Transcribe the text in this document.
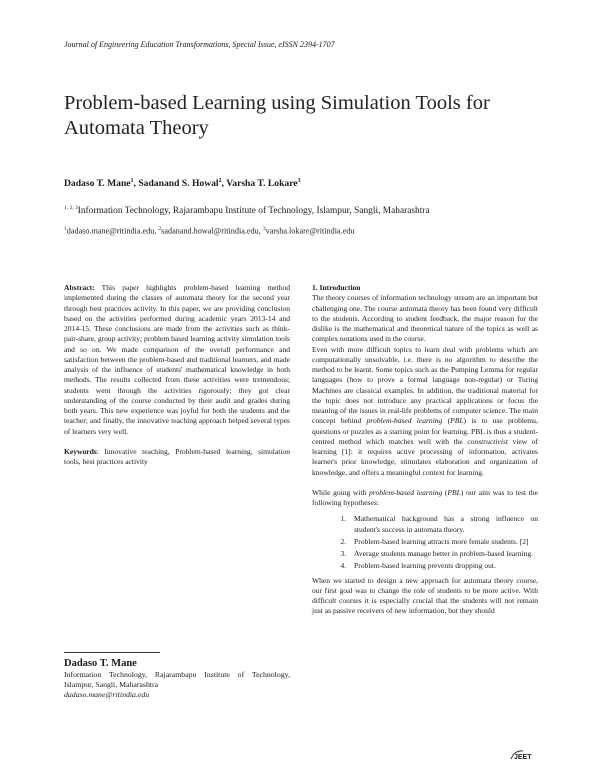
Journal of Engineering Education Transformations, Special Issue, eISSN 2394-1707
Problem-based Learning using Simulation Tools for Automata Theory
Dadaso T. Mane$^1$, Sadanand S. Howal$^2$, Varsha T. Lokare$^3$
$^{1, 2, 3}$Information Technology, Rajarambapu Institute of Technology, Islampur, Sangli, Maharashtra
$^1$dadaso.mane@ritindia.edu, $^2$sadanand.howal@ritindia.edu, $^3$varsha.lokare@ritindia.edu

Abstract: This paper highlights problem-based learning method implemented during the classes of automata theory for the second year through best practices activity. In this paper, we are providing conclusion based on the activities performed during academic years 2013-14 and 2014-15. These conclusions are made from the activities such as think-pair-share, group activity; problem based learning activity simulation tools and so on. We made comparison of the overall performance and satisfaction between the problem-based and traditional learners, and made analysis of the influence of students' mathematical knowledge in both methods. The results collected from these activities were tremendous; students went through the activities rigorously; they got clear understanding of the course conducted by their audit and grades during both years. This new experience was joyful for both the students and the teacher; and finally, the innovative teaching approach helped several types of learners very well.

Keywords: Innovative teaching, Problem-based learning, simulation tools, best practices activity

1. Introduction

The theory courses of information technology stream are an important but challenging one. The course automata theory has been found very difficult to the students. According to student feedback, the major reason for the dislike is the mathematical and theoretical nature of the topics as well as complex notations used in the course.

Even with more difficult topics to learn deal with problems which are computationally unsolvable, i.e. there is no algorithm to describe the method to be learnt. Some topics such as the Pumping Lemma for regular languages (how to prove a formal language non-regular) or Turing Machines are classical examples. In addition, the traditional material for the topic does not introduce any practical applications or focus the meaning of the issues in real-life problems of computer science. The main concept behind problem-based learning (PBL) is to use problems, questions or puzzles as a starting point for learning. PBL is thus a student-centred method which matches well with the constructivist view of learning [1]: it requires active processing of information, activates learner's prior knowledge, stimulates elaboration and organization of knowledge, and offers a meaningful context for learning.

While going with problem-based learning (PBL) our aim was to test the following hypotheses:

1. Mathematical background has a strong influence on student's success in automata theory.
2. Problem-based learning attracts more female students. [2]
3. Average students manage better in problem-based learning.
4. Problem-based learning prevents dropping out.

When we started to design a new approach for automata theory course, our first goal was to change the role of students to be more active. With difficult courses it is especially crucial that the students will not remain just as passive receivers of new information, but they should

Dadaso T. Mane
Information Technology, Rajarambapu Institute of Technology, Islampur, Sangli, Maharashtra
dadaso.mane@ritindia.edu
JEET
